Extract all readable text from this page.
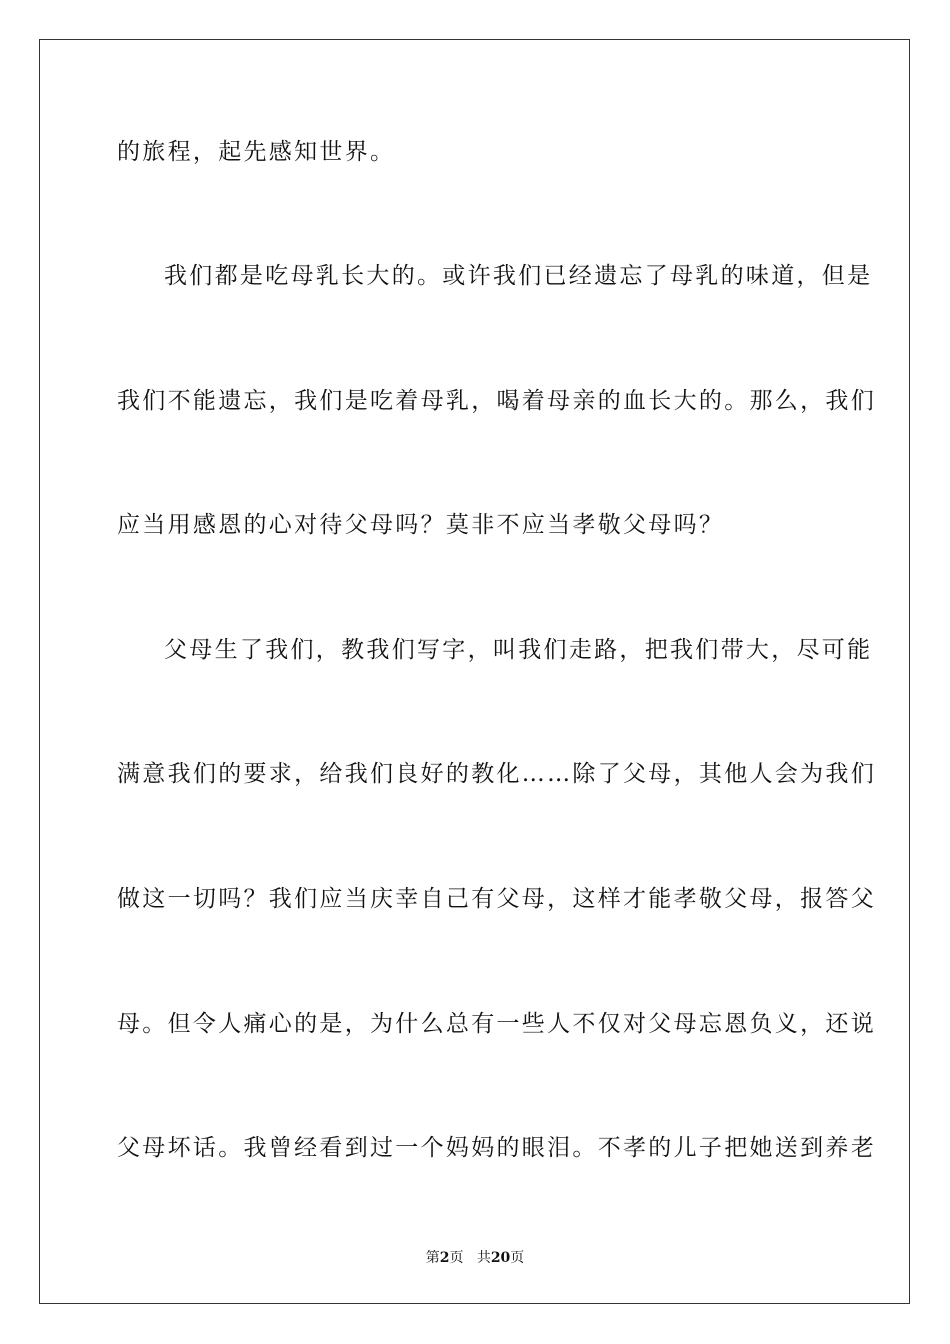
的旅程，起先感知世界。
我们都是吃母乳长大的。或许我们已经遗忘了母乳的味道，但是
我们不能遗忘，我们是吃着母乳，喝着母亲的血长大的。那么，我们
应当用感恩的心对待父母吗？莫非不应当孝敬父母吗？
父母生了我们，教我们写字，叫我们走路，把我们带大，尽可能
满意我们的要求，给我们良好的教化……除了父母，其他人会为我们
做这一切吗？我们应当庆幸自己有父母，这样才能孝敬父母，报答父
母。但令人痛心的是，为什么总有一些人不仅对父母忘恩负义，还说
父母坏话。我曾经看到过一个妈妈的眼泪。不孝的儿子把她送到养老
第2页 共20页
